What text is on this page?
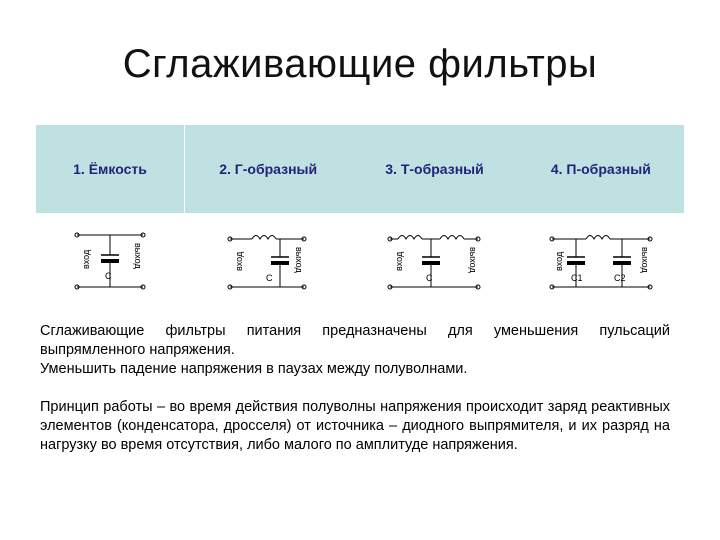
Сглаживающие фильтры
1. Ёмкость	2. Г-образный	3. Т-образный	4. П-образный
вход	выход
С
вход	выход
С
вход	выход
С
вход	выход
С1	С2

Сглаживающие фильтры питания предназначены для уменьшения пульсаций выпрямленного напряжения.

Уменьшить падение напряжения в паузах между полуволнами.

Принцип работы – во время действия полуволны напряжения происходит заряд реактивных элементов (конденсатора, дросселя) от источника – диодного выпрямителя, и их разряд на нагрузку во время отсутствия, либо малого по амплитуде напряжения.
